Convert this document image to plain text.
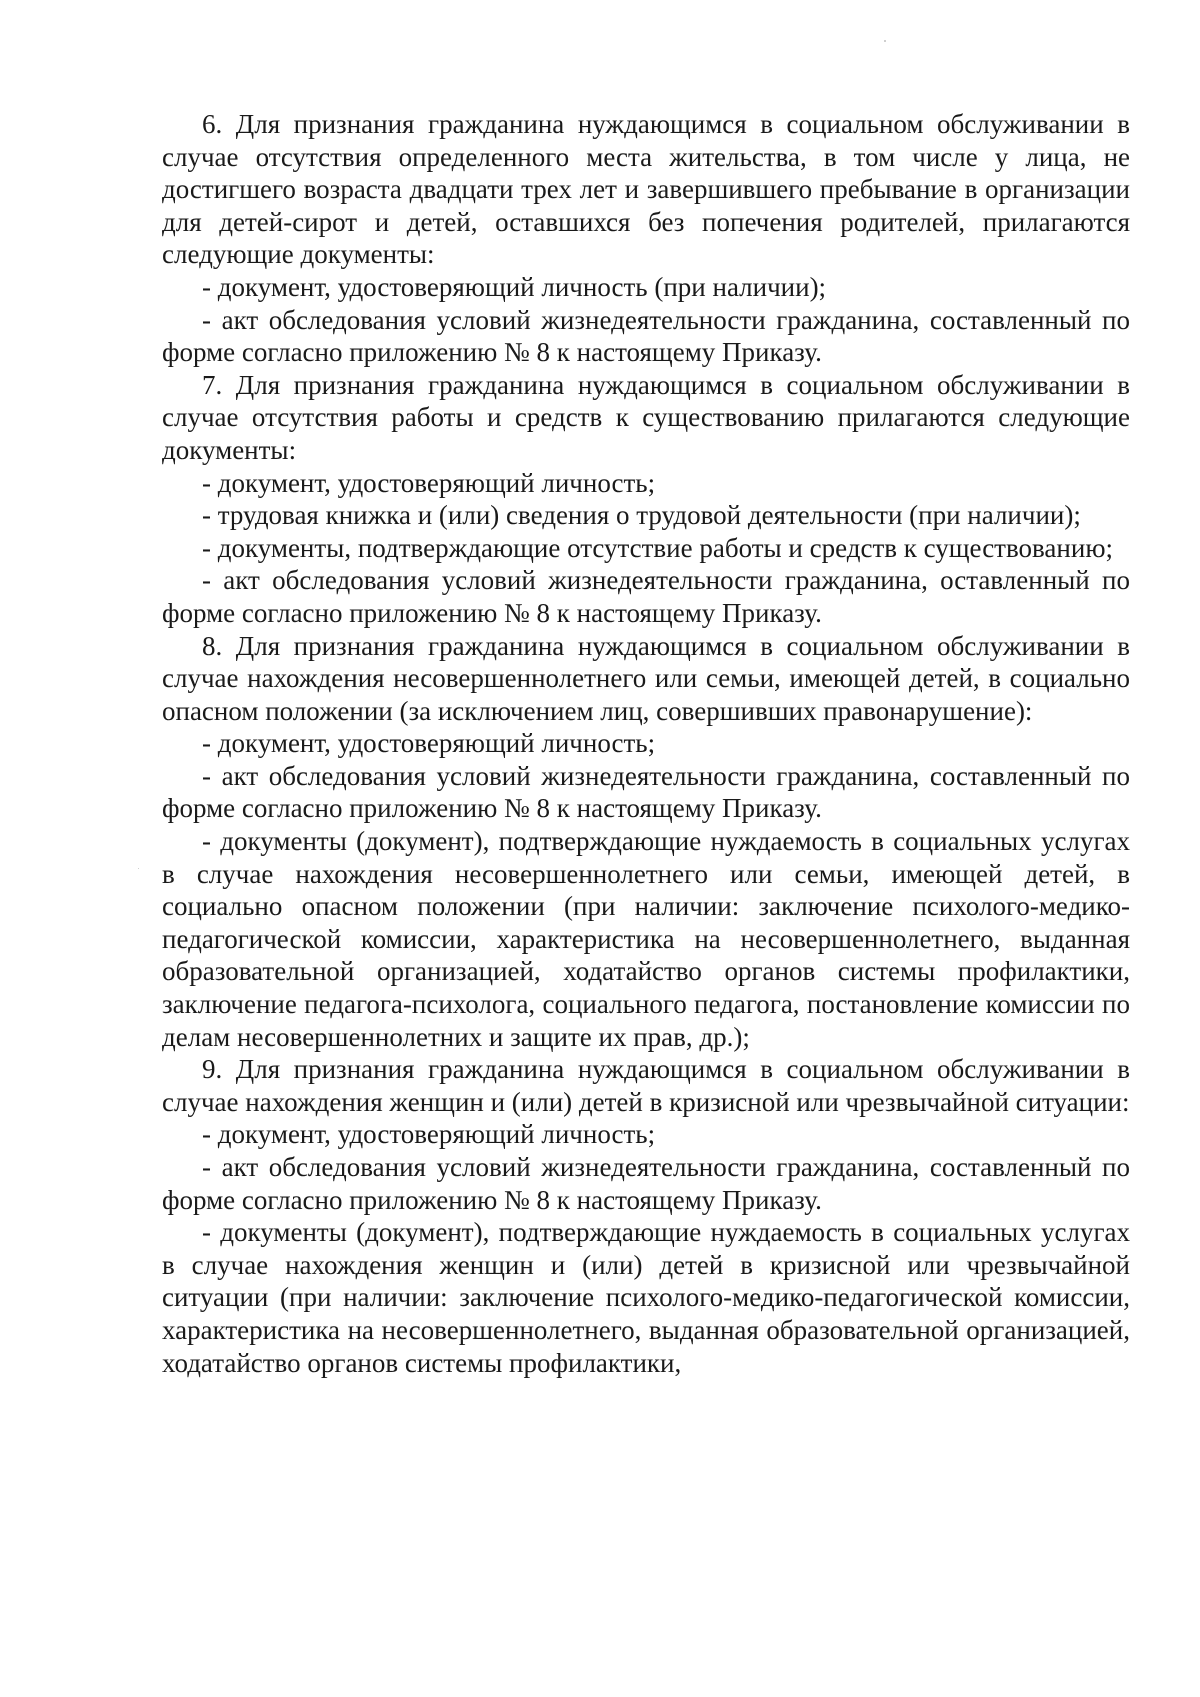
6. Для признания гражданина нуждающимся в социальном обслуживании в случае отсутствия определенного места жительства, в том числе у лица, не достигшего возраста двадцати трех лет и завершившего пребывание в организации для детей-сирот и детей, оставшихся без попечения родителей, прилагаются следующие документы:

- документ, удостоверяющий личность (при наличии);

- акт обследования условий жизнедеятельности гражданина, составленный по форме согласно приложению № 8 к настоящему Приказу.

7. Для признания гражданина нуждающимся в социальном обслуживании в случае отсутствия работы и средств к существованию прилагаются следующие документы:

- документ, удостоверяющий личность;

- трудовая книжка и (или) сведения о трудовой деятельности (при наличии);

- документы, подтверждающие отсутствие работы и средств к существованию;

- акт обследования условий жизнедеятельности гражданина, оставленный по форме согласно приложению № 8 к настоящему Приказу.

8. Для признания гражданина нуждающимся в социальном обслуживании в случае нахождения несовершеннолетнего или семьи, имеющей детей, в социально опасном положении (за исключением лиц, совершивших правонарушение):

- документ, удостоверяющий личность;

- акт обследования условий жизнедеятельности гражданина, составленный по форме согласно приложению № 8 к настоящему Приказу.

- документы (документ), подтверждающие нуждаемость в социальных услугах в случае нахождения несовершеннолетнего или семьи, имеющей детей, в социально опасном положении (при наличии: заключение психолого-медико-педагогической комиссии, характеристика на несовершеннолетнего, выданная образовательной организацией, ходатайство органов системы профилактики, заключение педагога-психолога, социального педагога, постановление комиссии по делам несовершеннолетних и защите их прав, др.);

9. Для признания гражданина нуждающимся в социальном обслуживании в случае нахождения женщин и (или) детей в кризисной или чрезвычайной ситуации:

- документ, удостоверяющий личность;

- акт обследования условий жизнедеятельности гражданина, составленный по форме согласно приложению № 8 к настоящему Приказу.

- документы (документ), подтверждающие нуждаемость в социальных услугах в случае нахождения женщин и (или) детей в кризисной или чрезвычайной ситуации (при наличии: заключение психолого-медико-педагогической комиссии, характеристика на несовершеннолетнего, выданная образовательной организацией, ходатайство органов системы профилактики,
